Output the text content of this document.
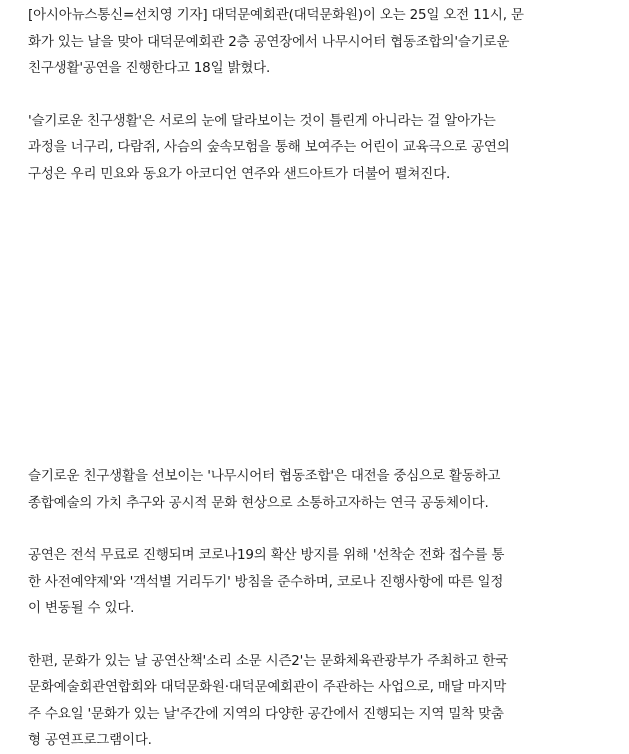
[아시아뉴스통신=선치영 기자] 대덕문예회관(대덕문화원)이 오는 25일 오전 11시, 문
화가 있는 날을 맞아 대덕문예회관 2층 공연장에서 나무시어터 협동조합의'슬기로운
친구생활'공연을 진행한다고 18일 밝혔다.

'슬기로운 친구생활'은 서로의 눈에 달라보이는 것이 틀린게 아니라는 걸 알아가는
과정을 너구리, 다람쥐, 사슴의 숲속모험을 통해 보여주는 어린이 교육극으로 공연의
구성은 우리 민요와 동요가 아코디언 연주와 샌드아트가 더불어 펼쳐진다.

슬기로운 친구생활을 선보이는 '나무시어터 협동조합'은 대전을 중심으로 활동하고
종합예술의 가치 추구와 공시적 문화 현상으로 소통하고자하는 연극 공동체이다.

공연은 전석 무료로 진행되며 코로나19의 확산 방지를 위해 '선착순 전화 접수를 통
한 사전예약제'와 '객석별 거리두기' 방침을 준수하며, 코로나 진행사항에 따른 일정
이 변동될 수 있다.

한편, 문화가 있는 날 공연산책'소리 소문 시즌2'는 문화체육관광부가 주최하고 한국
문화예술회관연합회와 대덕문화원·대덕문예회관이 주관하는 사업으로, 매달 마지막
주 수요일 '문화가 있는 날'주간에 지역의 다양한 공간에서 진행되는 지역 밀착 맞춤
형 공연프로그램이다.
